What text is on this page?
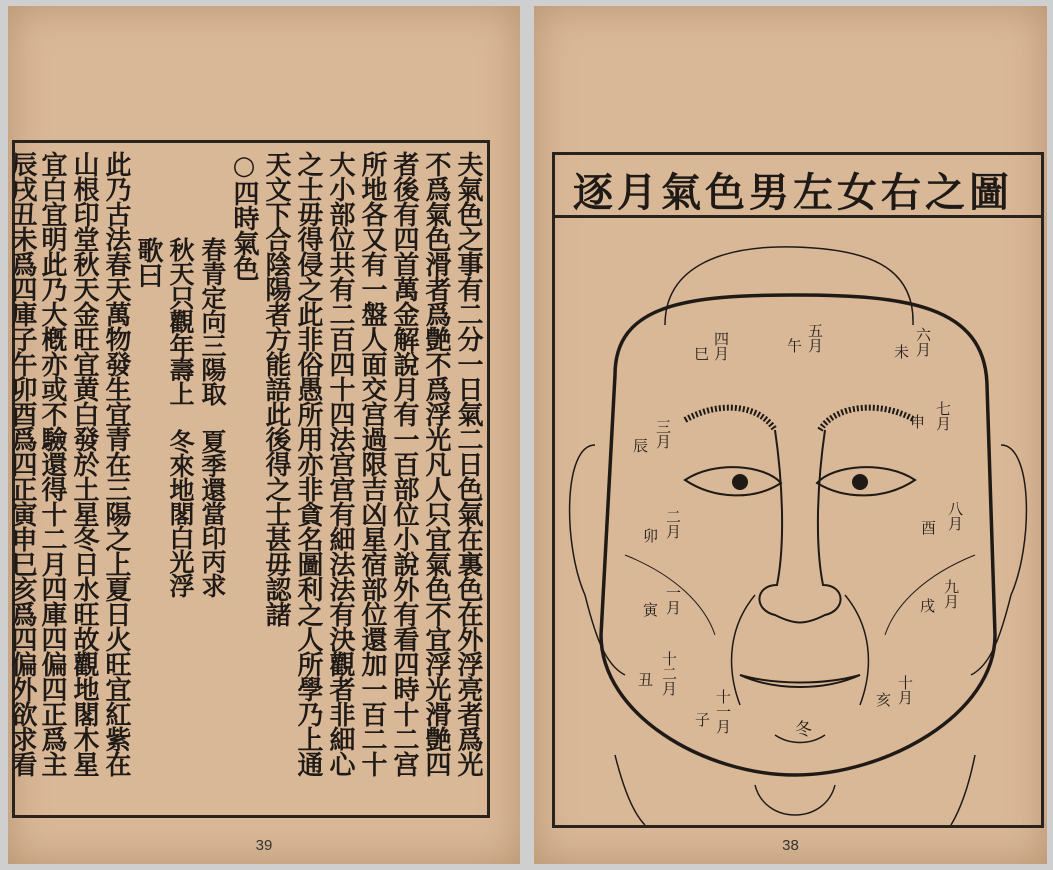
夫氣色之事有二分一日氣二日色氣在裏色在外浮亮者爲光
不爲氣色滑者爲艶不爲浮光凡人只宜氣色不宜浮光滑艶四
者後有四首萬金解說月有一百部位小說外有看四時十二宫
所地各又有一盤人面交宫過限吉凶星宿部位還加一百二十
大小部位共有二百四十四法宫宫有細法法有決觀者非細心
之士毋得侵之此非俗愚所用亦非貪名圖利之人所學乃上通
天文下合陰陽者方能語此後得之士甚毋認諸
○四時氣色
春青定向三陽取　夏季還當印丙求
秋天只觀年壽上　冬來地閣白光浮
歌曰
此乃古法春天萬物發生宜青在三陽之上夏日火旺宜紅紫在
山根印堂秋天金旺宜黄白發於土星冬日水旺故觀地閣木星
宜白宜明此乃大槪亦或不驗還得十二月四庫四偏四正爲主
辰戌丑未爲四庫子午卯酉爲四正寅申巳亥爲四偏外欲求看
39
逐月氣色男左女右之圖
巳 四月	午 五月	未 六月
申 七月
酉 八月
戌 九月
亥 十月
冬
子 十一月
丑 十二月
寅 一月
卯 二月
辰 三月
38
